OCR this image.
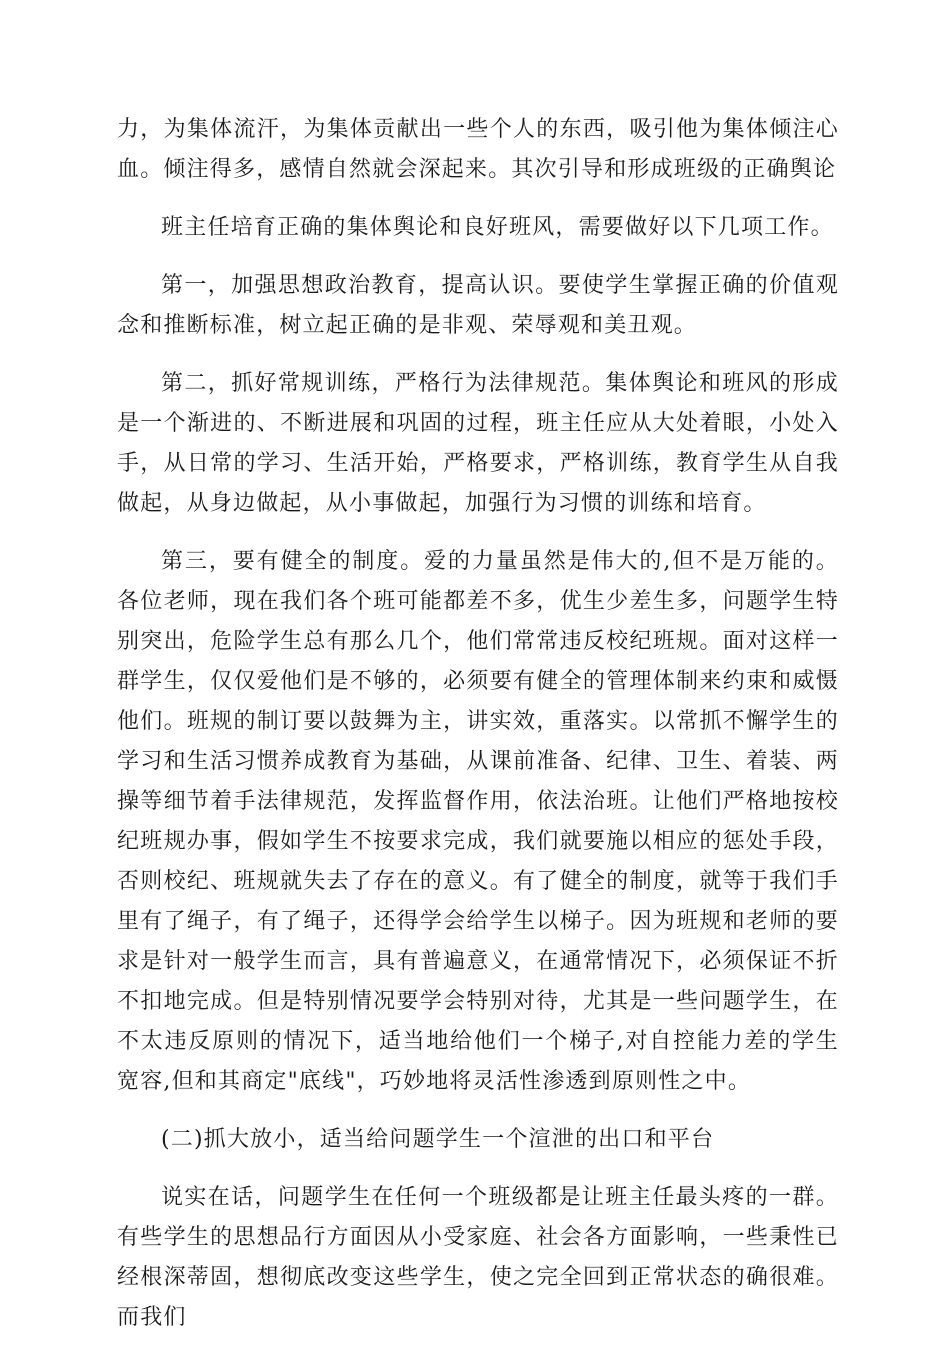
力，为集体流汗，为集体贡献出一些个人的东西，吸引他为集体倾注心血。倾注得多，感情自然就会深起来。其次引导和形成班级的正确舆论

班主任培育正确的集体舆论和良好班风，需要做好以下几项工作。

第一，加强思想政治教育，提高认识。要使学生掌握正确的价值观念和推断标准，树立起正确的是非观、荣辱观和美丑观。

第二，抓好常规训练，严格行为法律规范。集体舆论和班风的形成是一个渐进的、不断进展和巩固的过程，班主任应从大处着眼，小处入手，从日常的学习、生活开始，严格要求，严格训练，教育学生从自我做起，从身边做起，从小事做起，加强行为习惯的训练和培育。

第三，要有健全的制度。爱的力量虽然是伟大的,但不是万能的。各位老师，现在我们各个班可能都差不多，优生少差生多，问题学生特别突出，危险学生总有那么几个，他们常常违反校纪班规。面对这样一群学生，仅仅爱他们是不够的，必须要有健全的管理体制来约束和威慑他们。班规的制订要以鼓舞为主，讲实效，重落实。以常抓不懈学生的学习和生活习惯养成教育为基础，从课前准备、纪律、卫生、着装、两操等细节着手法律规范，发挥监督作用，依法治班。让他们严格地按校纪班规办事，假如学生不按要求完成，我们就要施以相应的惩处手段，否则校纪、班规就失去了存在的意义。有了健全的制度，就等于我们手里有了绳子，有了绳子，还得学会给学生以梯子。因为班规和老师的要求是针对一般学生而言，具有普遍意义，在通常情况下，必须保证不折不扣地完成。但是特别情况要学会特别对待，尤其是一些问题学生，在不太违反原则的情况下，适当地给他们一个梯子,对自控能力差的学生宽容,但和其商定"底线"，巧妙地将灵活性渗透到原则性之中。

(二)抓大放小，适当给问题学生一个渲泄的出口和平台

说实在话，问题学生在任何一个班级都是让班主任最头疼的一群。有些学生的思想品行方面因从小受家庭、社会各方面影响，一些秉性已经根深蒂固，想彻底改变这些学生，使之完全回到正常状态的确很难。而我们
